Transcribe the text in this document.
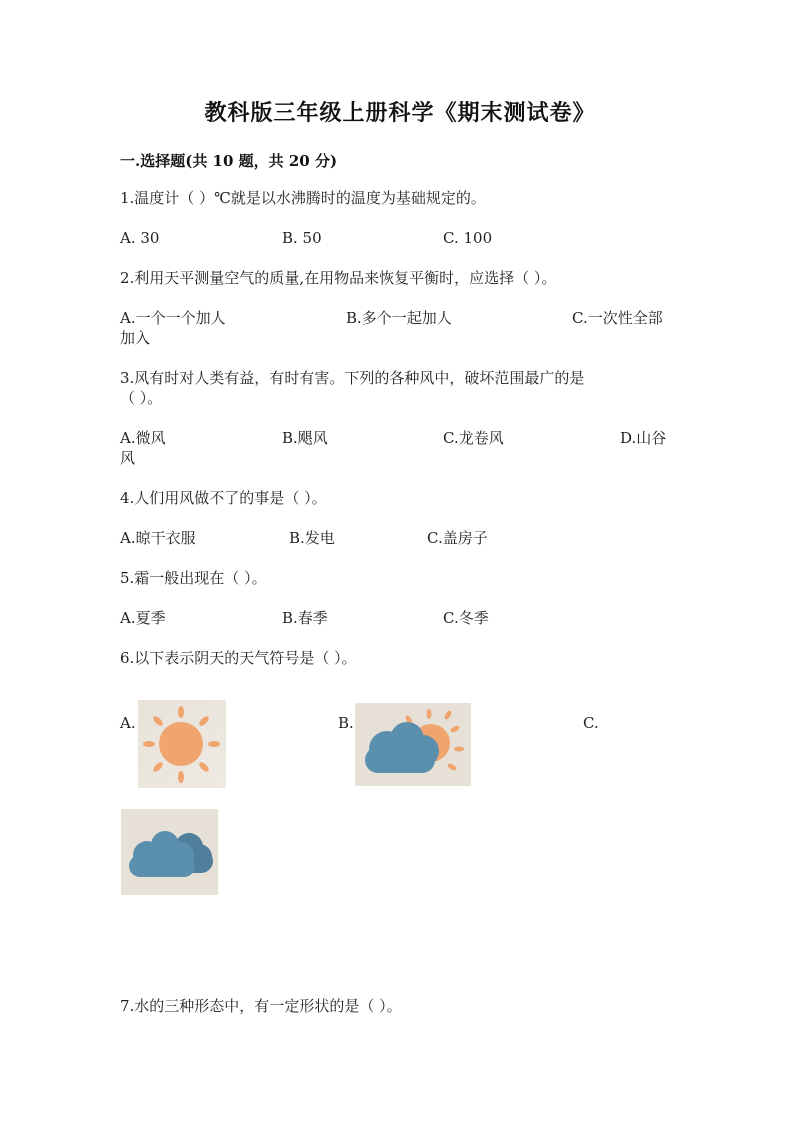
教科版三年级上册科学《期末测试卷》
一.选择题(共 10 题，共 20 分)
1.温度计（ ）℃就是以水沸腾时的温度为基础规定的。
A. 30	B. 50	C. 100
2.利用天平测量空气的质量,在用物品来恢复平衡时，应选择（ ）。
A.一个一个加人	B.多个一起加人	C.一次性全部
加入
3.风有时对人类有益，有时有害。下列的各种风中，破坏范围最广的是
（ ）。
A.微风	B.飓风	C.龙卷风	D.山谷
风
4.人们用风做不了的事是（ ）。
A.晾干衣服	B.发电	C.盖房子
5.霜一般出现在（ ）。
A.夏季	B.春季	C.冬季
6.以下表示阴天的天气符号是（ ）。
A.	B.	C.
7.水的三种形态中，有一定形状的是（ ）。
